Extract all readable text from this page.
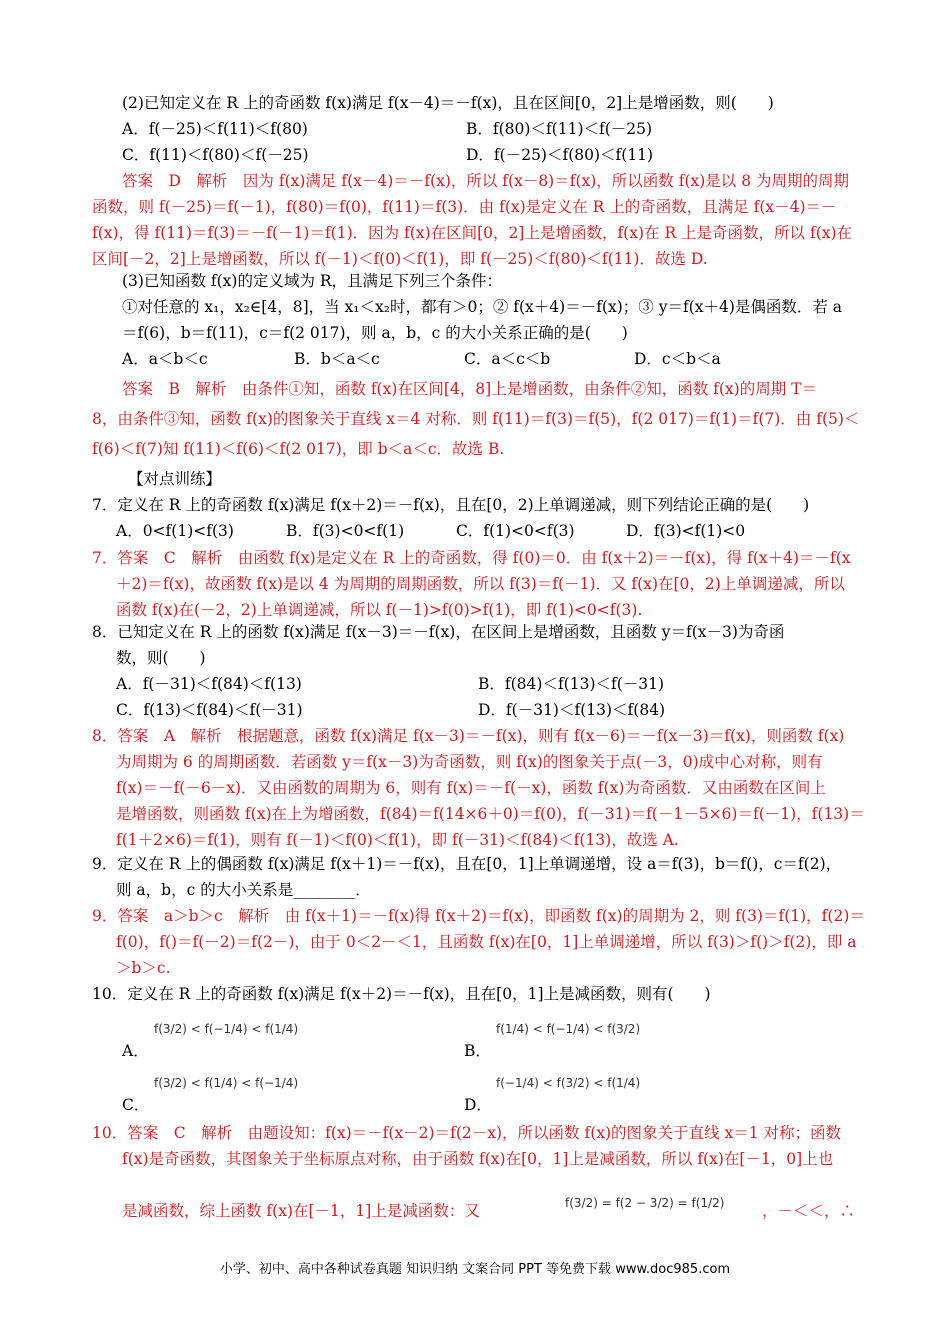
(2)已知定义在 R 上的奇函数 f(x)满足 f(x－4)＝－f(x)，且在区间[0，2]上是增函数，则(　　)
(3)已知函数 f(x)的定义域为 R，且满足下列三个条件：
①对任意的 x₁，x₂∈[4，8]，当 x₁＜x₂时，都有＞0；② f(x＋4)＝－f(x)；③ y＝f(x＋4)是偶函数．若 a
＝f(6)，b＝f(11)，c＝f(2 017)，则 a，b，c 的大小关系正确的是(　　)
【对点训练】
7．定义在 R 上的奇函数 f(x)满足 f(x＋2)＝－f(x)，且在[0，2)上单调递减，则下列结论正确的是(　　)
8．已知定义在 R 上的函数 f(x)满足 f(x－3)＝－f(x)，在区间上是增函数，且函数 y＝f(x－3)为奇函
数，则(　　)
9．定义在 R 上的偶函数 f(x)满足 f(x＋1)＝－f(x)，且在[0，1]上单调递增，设 a＝f(3)，b＝f()，c＝f(2)，
则 a，b，c 的大小关系是________．
10．定义在 R 上的奇函数 f(x)满足 f(x＋2)＝－f(x)，且在[0，1]上是减函数，则有(　　)
答案　D　解析　因为 f(x)满足 f(x－4)＝－f(x)，所以 f(x－8)＝f(x)，所以函数 f(x)是以 8 为周期的周期
函数，则 f(－25)＝f(－1)，f(80)＝f(0)，f(11)＝f(3)．由 f(x)是定义在 R 上的奇函数，且满足 f(x－4)＝－
f(x)，得 f(11)＝f(3)＝－f(－1)＝f(1)．因为 f(x)在区间[0，2]上是增函数，f(x)在 R 上是奇函数，所以 f(x)在
区间[－2，2]上是增函数，所以 f(－1)＜f(0)＜f(1)，即 f(－25)＜f(80)＜f(11)．故选 D.
答案　B　解析　由条件①知，函数 f(x)在区间[4，8]上是增函数，由条件②知，函数 f(x)的周期 T＝
8，由条件③知，函数 f(x)的图象关于直线 x＝4 对称．则 f(11)＝f(3)＝f(5)，f(2 017)＝f(1)＝f(7)．由 f(5)＜
f(6)＜f(7)知 f(11)＜f(6)＜f(2 017)，即 b＜a＜c．故选 B.
7．答案　C　解析　由函数 f(x)是定义在 R 上的奇函数，得 f(0)＝0．由 f(x＋2)＝－f(x)，得 f(x＋4)＝－f(x
＋2)＝f(x)，故函数 f(x)是以 4 为周期的周期函数，所以 f(3)＝f(－1)．又 f(x)在[0，2)上单调递减，所以
函数 f(x)在(－2，2)上单调递减，所以 f(－1)>f(0)>f(1)，即 f(1)<0<f(3).
8．答案　A　解析　根据题意，函数 f(x)满足 f(x－3)＝－f(x)，则有 f(x－6)＝－f(x－3)＝f(x)，则函数 f(x)
为周期为 6 的周期函数．若函数 y＝f(x－3)为奇函数，则 f(x)的图象关于点(－3，0)成中心对称，则有
f(x)＝－f(－6－x)．又由函数的周期为 6，则有 f(x)＝－f(－x)，函数 f(x)为奇函数．又由函数在区间上
是增函数，则函数 f(x)在上为增函数，f(84)＝f(14×6＋0)＝f(0)，f(－31)＝f(－1－5×6)＝f(－1)，f(13)＝
f(1＋2×6)＝f(1)，则有 f(－1)＜f(0)＜f(1)，即 f(－31)＜f(84)＜f(13)，故选 A.
9．答案　a＞b＞c　解析　由 f(x＋1)＝－f(x)得 f(x＋2)＝f(x)，即函数 f(x)的周期为 2，则 f(3)＝f(1)，f(2)＝
f(0)，f()＝f(－2)＝f(2－)，由于 0＜2－＜1，且函数 f(x)在[0，1]上单调递增，所以 f(3)＞f()＞f(2)，即 a
＞b＞c.
10．答案　C　解析　由题设知：f(x)＝－f(x－2)＝f(2－x)，所以函数 f(x)的图象关于直线 x＝1 对称；函数
f(x)是奇函数，其图象关于坐标原点对称，由于函数 f(x)在[0，1]上是减函数，所以 f(x)在[－1，0]上也
是减函数，综上函数 f(x)在[－1，1]上是减函数：又
A．f(－25)＜f(11)＜f(80)	B．f(80)＜f(11)＜f(－25)
C．f(11)＜f(80)＜f(－25)	D．f(－25)＜f(80)＜f(11)
A．a＜b＜c	B．b＜a＜c	C．a＜c＜b	D．c＜b＜a
A．0<f(1)<f(3)	B．f(3)<0<f(1)	C．f(1)<0<f(3)	D．f(3)<f(1)<0
A．f(－31)＜f(84)＜f(13)	B．f(84)＜f(13)＜f(－31)
C．f(13)＜f(84)＜f(－31)	D．f(－31)＜f(13)＜f(84)
A．
f(3/2) < f(−1/4) < f(1/4)
B．
f(1/4) < f(−1/4) < f(3/2)
C．
f(3/2) < f(1/4) < f(−1/4)
D．
f(−1/4) < f(3/2) < f(1/4)
f(3/2) = f(2 − 3/2) = f(1/2) ，－＜＜，∴
小学、初中、高中各种试卷真题 知识归纳 文案合同 PPT 等免费下载 www.doc985.com
